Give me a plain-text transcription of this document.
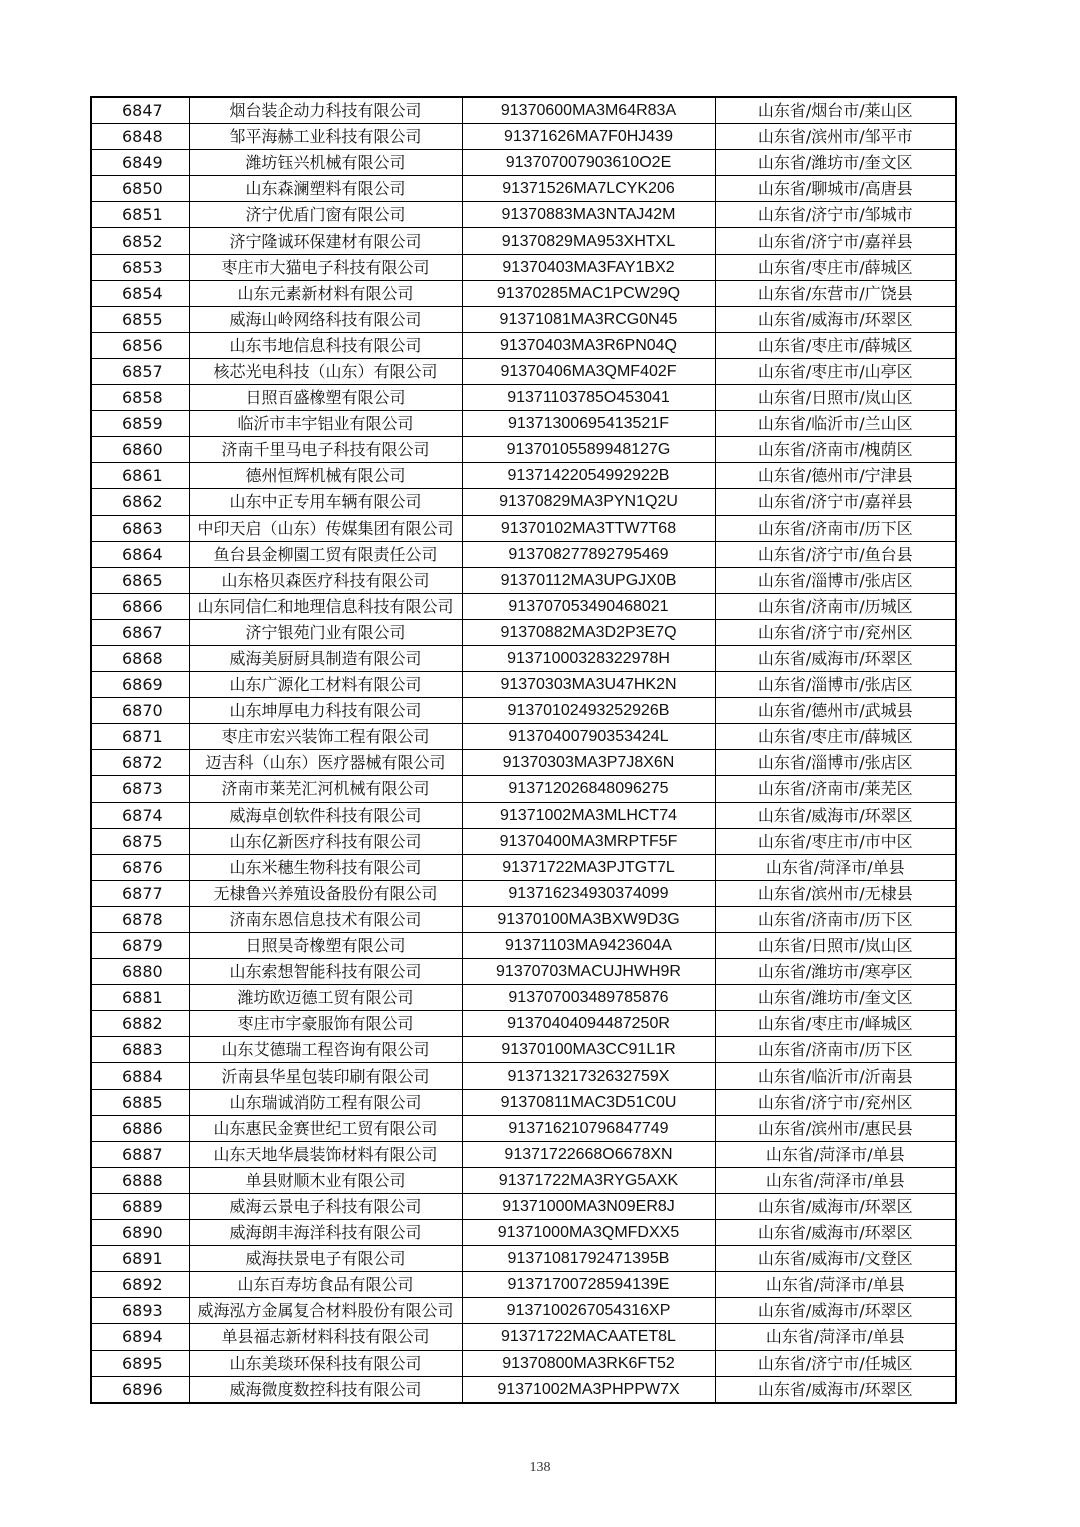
6847	烟台装企动力科技有限公司	91370600MA3M64R83A	山东省/烟台市/莱山区
6848	邹平海赫工业科技有限公司	91371626MA7F0HJ439	山东省/滨州市/邹平市
6849	潍坊钰兴机械有限公司	913707007903610O2E	山东省/潍坊市/奎文区
6850	山东森澜塑料有限公司	91371526MA7LCYK206	山东省/聊城市/高唐县
6851	济宁优盾门窗有限公司	91370883MA3NTAJ42M	山东省/济宁市/邹城市
6852	济宁隆诚环保建材有限公司	91370829MA953XHTXL	山东省/济宁市/嘉祥县
6853	枣庄市大猫电子科技有限公司	91370403MA3FAY1BX2	山东省/枣庄市/薛城区
6854	山东元素新材料有限公司	91370285MAC1PCW29Q	山东省/东营市/广饶县
6855	威海山岭网络科技有限公司	91371081MA3RCG0N45	山东省/威海市/环翠区
6856	山东韦地信息科技有限公司	91370403MA3R6PN04Q	山东省/枣庄市/薛城区
6857	核芯光电科技（山东）有限公司	91370406MA3QMF402F	山东省/枣庄市/山亭区
6858	日照百盛橡塑有限公司	91371103785O453041	山东省/日照市/岚山区
6859	临沂市丰宇铝业有限公司	91371300695413521F	山东省/临沂市/兰山区
6860	济南千里马电子科技有限公司	91370105589948127G	山东省/济南市/槐荫区
6861	德州恒辉机械有限公司	91371422054992922B	山东省/德州市/宁津县
6862	山东中正专用车辆有限公司	91370829MA3PYN1Q2U	山东省/济宁市/嘉祥县
6863	中印天启（山东）传媒集团有限公司	91370102MA3TTW7T68	山东省/济南市/历下区
6864	鱼台县金柳園工贸有限责任公司	913708277892795469	山东省/济宁市/鱼台县
6865	山东格贝森医疗科技有限公司	91370112MA3UPGJX0B	山东省/淄博市/张店区
6866	山东同信仁和地理信息科技有限公司	913707053490468021	山东省/济南市/历城区
6867	济宁银苑门业有限公司	91370882MA3D2P3E7Q	山东省/济宁市/兖州区
6868	威海美厨厨具制造有限公司	91371000328322978H	山东省/威海市/环翠区
6869	山东广源化工材料有限公司	91370303MA3U47HK2N	山东省/淄博市/张店区
6870	山东坤厚电力科技有限公司	91370102493252926B	山东省/德州市/武城县
6871	枣庄市宏兴装饰工程有限公司	91370400790353424L	山东省/枣庄市/薛城区
6872	迈吉科（山东）医疗器械有限公司	91370303MA3P7J8X6N	山东省/淄博市/张店区
6873	济南市莱芜汇河机械有限公司	91371202684809627​5	山东省/济南市/莱芜区
6874	威海卓创软件科技有限公司	91371002MA3MLHCT74	山东省/威海市/环翠区
6875	山东亿新医疗科技有限公司	91370400MA3MRPTF5F	山东省/枣庄市/市中区
6876	山东米穗生物科技有限公司	91371722MA3PJTGT7L	山东省/菏泽市/单县
6877	无棣鲁兴养殖设备股份有限公司	913716234930374099	山东省/滨州市/无棣县
6878	济南东恩信息技术有限公司	91370100MA3BXW9D3G	山东省/济南市/历下区
6879	日照昊奇橡塑有限公司	91371103MA9423604A	山东省/日照市/岚山区
6880	山东索想智能科技有限公司	91370703MACUJHWH9R	山东省/潍坊市/寒亭区
6881	潍坊欧迈德工贸有限公司	913707003489785876	山东省/潍坊市/奎文区
6882	枣庄市宇豪服饰有限公司	91370404094487250R	山东省/枣庄市/峄城区
6883	山东艾德瑞工程咨询有限公司	91370100MA3CC91L1R	山东省/济南市/历下区
6884	沂南县华星包装印刷有限公司	91371321732632759X	山东省/临沂市/沂南县
6885	山东瑞诚消防工程有限公司	91370811MAC3D51C0U	山东省/济宁市/兖州区
6886	山东惠民金赛世纪工贸有限公司	913716210796847749	山东省/滨州市/惠民县
6887	山东天地华晨装饰材料有限公司	91371722668O6678XN	山东省/菏泽市/单县
6888	单县财顺木业有限公司	91371722MA3RYG5AXK	山东省/菏泽市/单县
6889	威海云景电子科技有限公司	91371000MA3N09ER8J	山东省/威海市/环翠区
6890	威海朗丰海洋科技有限公司	91371000MA3QMFDXX5	山东省/威海市/环翠区
6891	威海扶景电子有限公司	91371081792471395B	山东省/威海市/文登区
6892	山东百寿坊食品有限公司	91371700728594139E	山东省/菏泽市/单县
6893	威海泓方金属复合材料股份有限公司	9137100267054316XP	山东省/威海市/环翠区
6894	单县福志新材料科技有限公司	91371722MACAATET8L	山东省/菏泽市/单县
6895	山东美琰环保科技有限公司	91370800MA3RK6FT52	山东省/济宁市/任城区
6896	威海微度数控科技有限公司	91371002MA3PHPPW7X	山东省/威海市/环翠区
138
